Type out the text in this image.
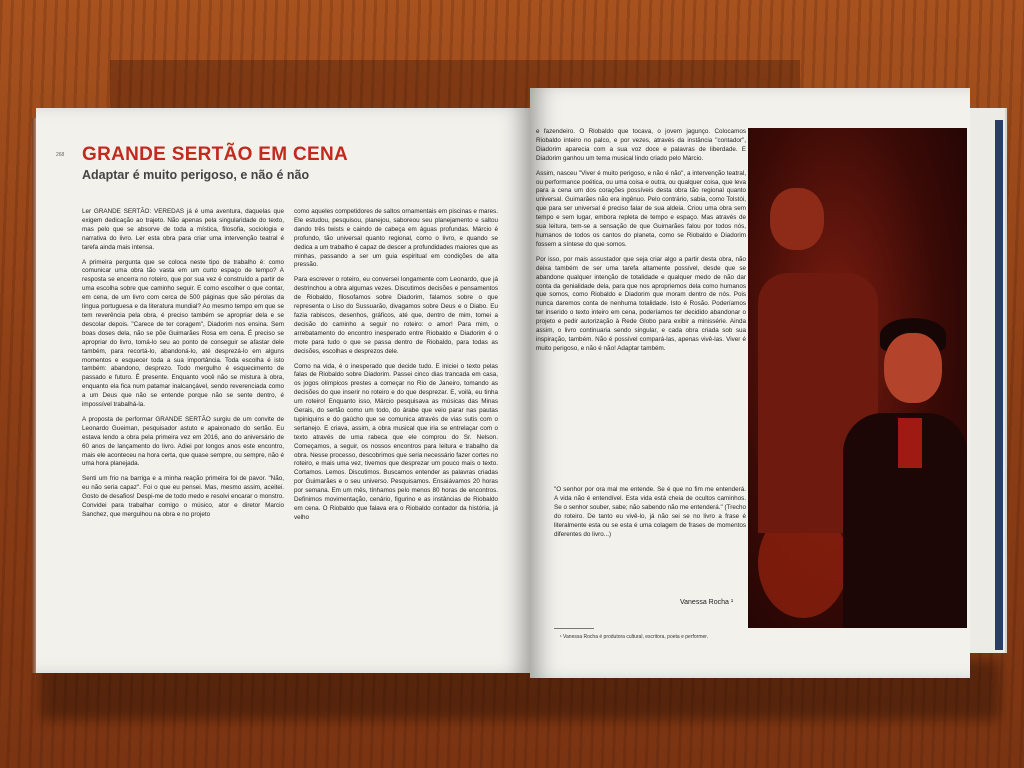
268 GRANDE SERTÃO EM CENA
Adaptar é muito perigoso, e não é não

Ler GRANDE SERTÃO: VEREDAS já é uma aventura, daquelas que exigem dedicação ao trajeto. Não apenas pela singularidade do texto, mas pelo que se absorve de toda a mística, filosofia, sociologia e narrativa do livro. Ler esta obra para criar uma intervenção teatral é tarefa ainda mais intensa.

A primeira pergunta que se coloca neste tipo de trabalho é: como comunicar uma obra tão vasta em um curto espaço de tempo? A resposta se encerra no roteiro, que por sua vez é construído a partir de uma escolha sobre que caminho seguir. E como escolher o que contar, em cena, de um livro com cerca de 500 páginas que são pérolas da língua portuguesa e da literatura mundial? Ao mesmo tempo em que se tem reverência pela obra, é preciso também se apropriar dela e se descolar depois. "Carece de ter coragem", Diadorim nos ensina. Sem boas doses dela, não se põe Guimarães Rosa em cena. É preciso se apropriar do livro, tomá-lo seu ao ponto de conseguir se afastar dele também, para recortá-lo, abandoná-lo, até desprezá-lo em alguns momentos e esquecer toda a sua importância. Toda escolha é isto também: abandono, desprezo. Todo mergulho é esquecimento de passado e futuro. É presente. Enquanto você não se mistura à obra, enquanto ela fica num patamar inalcançável, sendo reverenciada como a um Deus que não se entende porque não se sente dentro, é impossível trabalhá-la.

A proposta de performar GRANDE SERTÃO surgiu de um convite de Leonardo Gueiman, pesquisador astuto e apaixonado do sertão. Eu estava lendo a obra pela primeira vez em 2016, ano do aniversário de 60 anos de lançamento do livro. Adiei por longos anos este encontro, mais ele aconteceu na hora certa, que quase sempre, ou sempre, não é uma hora planejada.

Senti um frio na barriga e a minha reação primeira foi de pavor. "Não, eu não seria capaz". Foi o que eu pensei. Mas, mesmo assim, aceitei. Gosto de desafios! Despi-me de todo medo e resolvi encarar o monstro. Convidei para trabalhar comigo o músico, ator e diretor Marcio Sanchez, que mergulhou na obra e no projeto

como aqueles competidores de saltos ornamentais em piscinas e mares. Ele estudou, pesquisou, planejou, saboreou seu planejamento e saltou dando três twists e caindo de cabeça em águas profundas. Márcio é profundo, tão universal quanto regional, como o livro, e quando se dedica a um trabalho é capaz de descer a profundidades maiores que as minhas, passando a ser um guia espiritual em condições de alta pressão.

Para escrever o roteiro, eu conversei longamente com Leonardo, que já destrinchou a obra algumas vezes. Discutimos decisões e pensamentos de Riobaldo, filosofamos sobre Diadorim, falamos sobre o que representa o Liso do Sussuarão, divagamos sobre Deus e o Diabo. Eu fazia rabiscos, desenhos, gráficos, até que, dentro de mim, tomei a decisão do caminho a seguir no roteiro: o amor! Para mim, o arrebatamento do encontro inesperado entre Riobaldo e Diadorim é o mote para tudo o que se passa dentro de Riobaldo, para todas as decisões, escolhas e desprezos dele.

Como na vida, é o inesperado que decide tudo. E iniciei o texto pelas falas de Riobaldo sobre Diadorim. Passei cinco dias trancada em casa, os jogos olímpicos prestes a começar no Rio de Janeiro, tomando as decisões do que inserir no roteiro e do que desprezar. E, voilà, eu tinha um roteiro! Enquanto isso, Márcio pesquisava as músicas das Minas Gerais, do sertão como um todo, do árabe que veio parar nas pautas tupiniquins e do gaúcho que se comunica através de vias sutis com o sertanejo. E criava, assim, a obra musical que iria se entrelaçar com o texto através de uma rabeca que ele comprou do Sr. Nelson. Começamos, a seguir, os nossos encontros para leitura e trabalho da obra. Nesse processo, descobrimos que seria necessário fazer cortes no roteiro, e mais uma vez, tivemos que desprezar um pouco mais o texto. Cortamos. Lemos. Discutimos. Buscamos entender as palavras criadas por Guimarães e o seu universo. Pesquisamos. Ensaiávamos 20 horas por semana. Em um mês, tínhamos pelo menos 80 horas de encontros. Definimos movimentação, cenário, figurino e as instâncias de Riobaldo em cena. O Riobaldo que falava era o Riobaldo contador da história, já velho

e fazendeiro. O Riobaldo que tocava, o jovem jagunço. Colocamos Riobaldo inteiro no palco, e por vezes, através da instância "contador", Diadorim aparecia com a sua voz doce e palavras de liberdade. E Diadorim ganhou um tema musical lindo criado pelo Márcio.

Assim, nasceu "Viver é muito perigoso, e não é não", a intervenção teatral, ou performance poética, ou uma coisa e outra, ou qualquer coisa, que leva para a cena um dos corações possíveis desta obra tão regional quanto universal. Guimarães não era ingênuo. Pelo contrário, sabia, como Tolstói, que para ser universal é preciso falar de sua aldeia. Criou uma obra sem tempo e sem lugar, embora repleta de tempo e espaço. Mas através de sua leitura, tem-se a sensação de que Guimarães falou por todos nós, humanos de todos os cantos do planeta, como se Riobaldo e Diadorim fossem a síntese do que somos.

Por isso, por mais assustador que seja criar algo a partir desta obra, não deixa também de ser uma tarefa altamente possível, desde que se abandone qualquer intenção de totalidade e qualquer medo de não dar conta da genialidade dela, para que nos apropriemos dela como humanos que somos, como Riobaldo e Diadorim que moram dentro de nós. Pois nunca daremos conta de nenhuma totalidade. Isto é Rosão. Poderíamos ter inserido o texto inteiro em cena, poderíamos ter decidido abandonar o projeto e pedir autorização à Rede Globo para exibir a minissérie. Ainda assim, o livro continuaria sendo singular, e cada obra criada sob sua inspiração, também. Não é possível compará-las, apenas vivê-las. Viver é muito perigoso, e não é não! Adaptar também.

"O senhor por ora mal me entende. Se é que no fim me entenderá. A vida não é entendível. Esta vida está cheia de ocultos caminhos. Se o senhor souber, sabe; não sabendo não me entenderá." (Trecho do roteiro. De tanto eu vivê-lo, já não sei se no livro a frase é literalmente esta ou se esta é uma colagem de frases de momentos diferentes do livro...)

Vanessa Rocha ¹
¹ Vanessa Rocha é produtora cultural, escritora, poeta e performer.
